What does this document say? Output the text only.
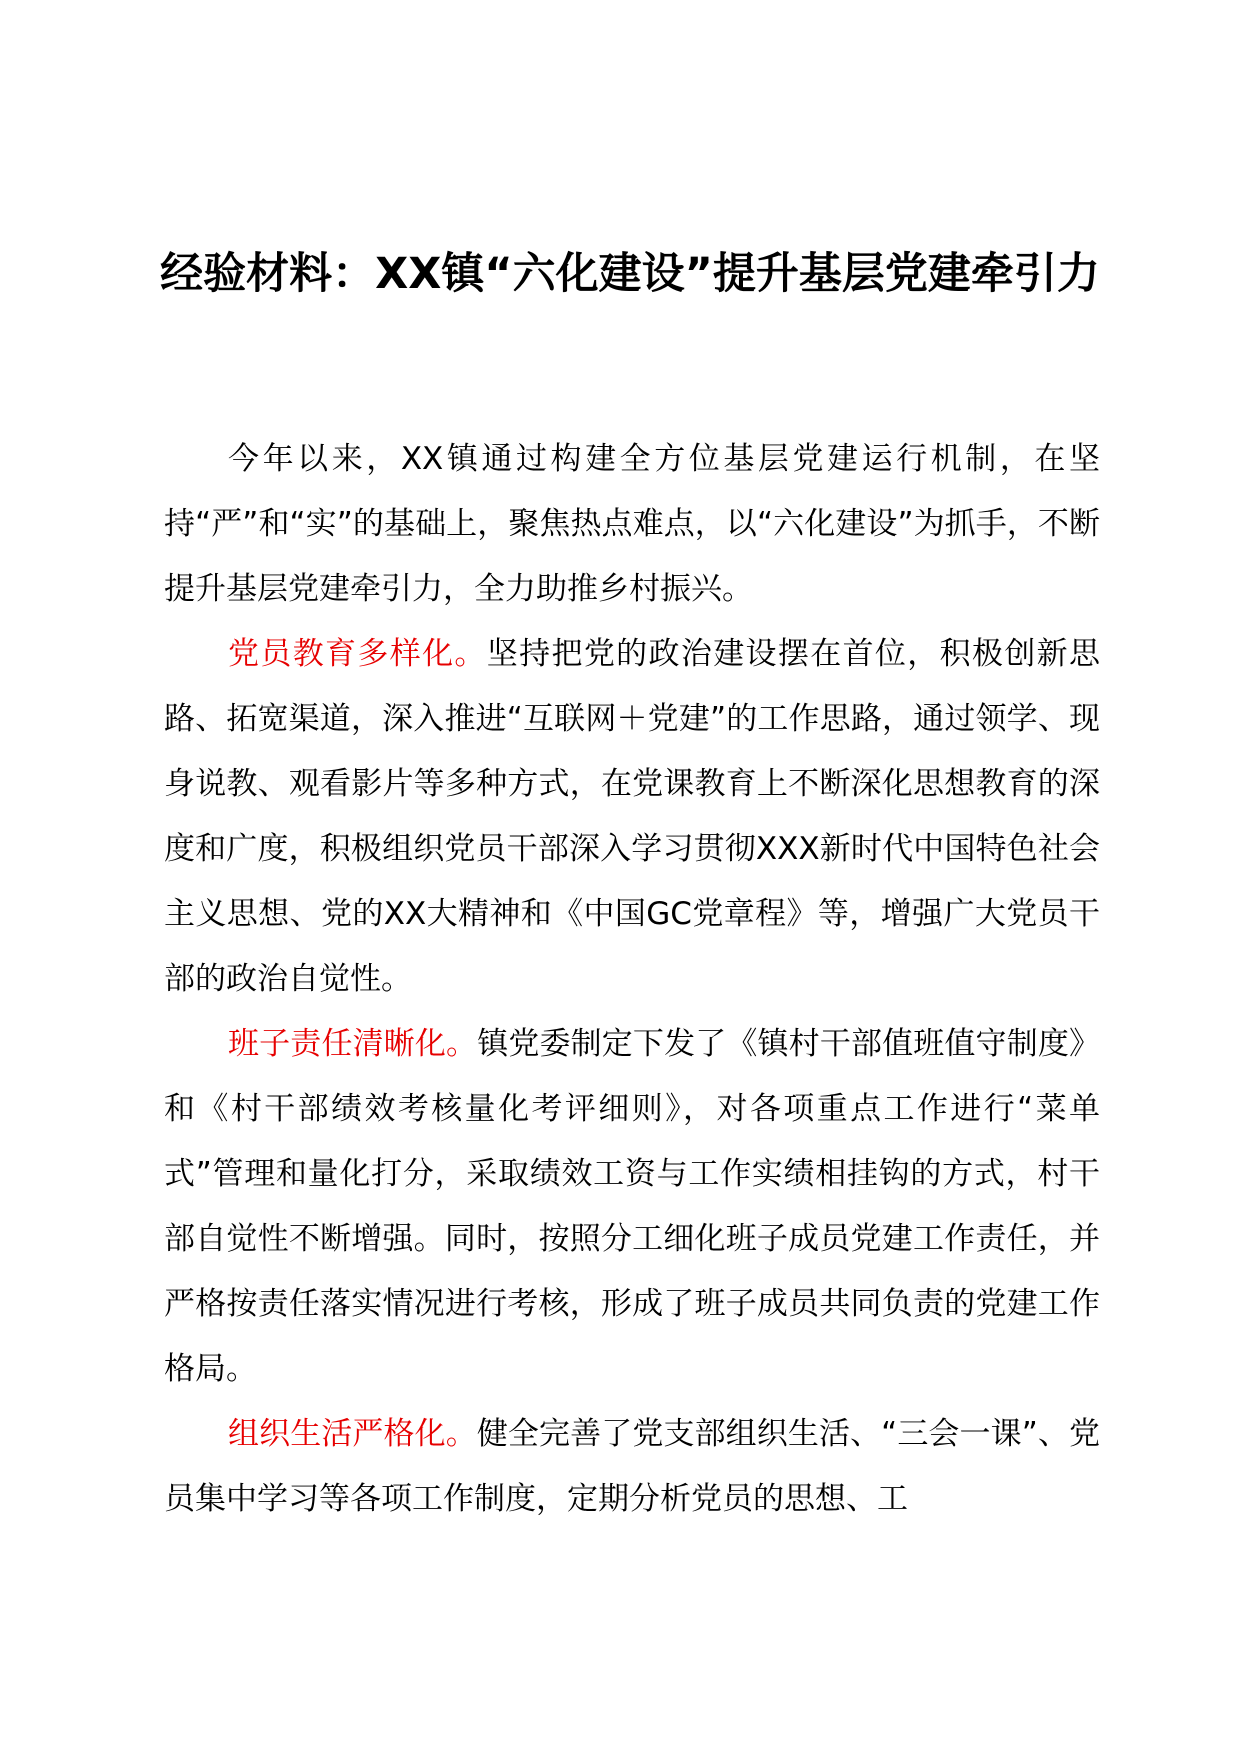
经验材料：XX镇“六化建设”提升基层党建牵引力

今年以来，XX镇通过构建全方位基层党建运行机制，在坚持“严”和“实”的基础上，聚焦热点难点，以“六化建设”为抓手，不断提升基层党建牵引力，全力助推乡村振兴。

党员教育多样化。坚持把党的政治建设摆在首位，积极创新思路、拓宽渠道，深入推进“互联网＋党建”的工作思路，通过领学、现身说教、观看影片等多种方式，在党课教育上不断深化思想教育的深度和广度，积极组织党员干部深入学习贯彻XXX新时代中国特色社会主义思想、党的XX大精神和《中国GC党章程》等，增强广大党员干部的政治自觉性。

班子责任清晰化。镇党委制定下发了《镇村干部值班值守制度》和《村干部绩效考核量化考评细则》，对各项重点工作进行“菜单式”管理和量化打分，采取绩效工资与工作实绩相挂钩的方式，村干部自觉性不断增强。同时，按照分工细化班子成员党建工作责任，并严格按责任落实情况进行考核，形成了班子成员共同负责的党建工作格局。

组织生活严格化。健全完善了党支部组织生活、“三会一课”、党员集中学习等各项工作制度，定期分析党员的思想、工
